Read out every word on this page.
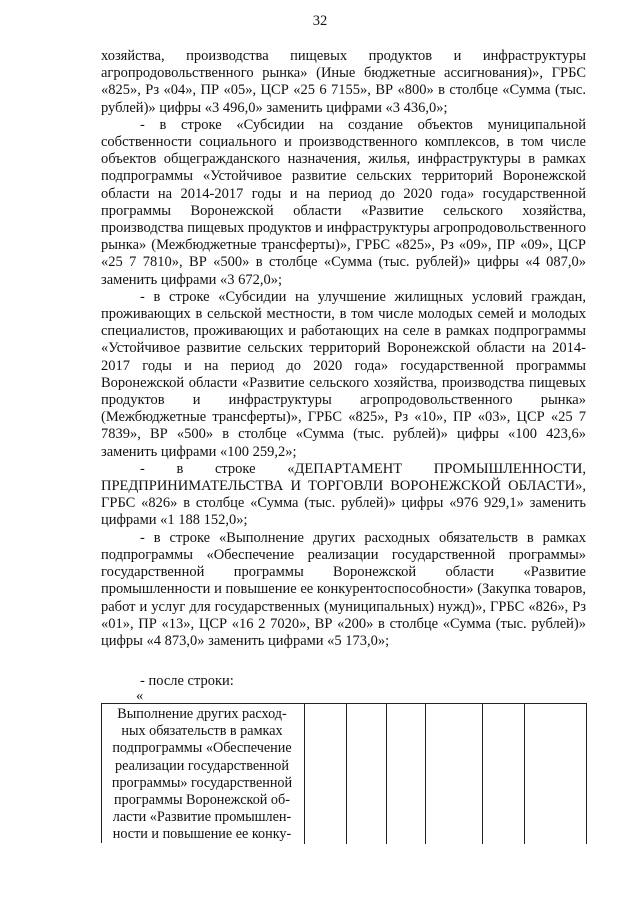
32

хозяйства, производства пищевых продуктов и инфраструктуры агропродовольственного рынка» (Иные бюджетные ассигнования)», ГРБС «825», Рз «04», ПР «05», ЦСР «25 6 7155», ВР «800» в столбце «Сумма (тыс. рублей)» цифры «3 496,0» заменить цифрами «3 436,0»;

- в строке «Субсидии на создание объектов муниципальной собственности социального и производственного комплексов, в том числе объектов общегражданского назначения, жилья, инфраструктуры в рамках подпрограммы «Устойчивое развитие сельских территорий Воронежской области на 2014-2017 годы и на период до 2020 года» государственной программы Воронежской области «Развитие сельского хозяйства, производства пищевых продуктов и инфраструктуры агропродовольственного рынка» (Межбюджетные трансферты)», ГРБС «825», Рз «09», ПР «09», ЦСР «25 7 7810», ВР «500» в столбце «Сумма (тыс. рублей)» цифры «4 087,0» заменить цифрами «3 672,0»;

- в строке «Субсидии на улучшение жилищных условий граждан, проживающих в сельской местности, в том числе молодых семей и молодых специалистов, проживающих и работающих на селе в рамках подпрограммы «Устойчивое развитие сельских территорий Воронежской области на 2014-2017 годы и на период до 2020 года» государственной программы Воронежской области «Развитие сельского хозяйства, производства пищевых продуктов и инфраструктуры агропродовольственного рынка» (Межбюджетные трансферты)», ГРБС «825», Рз «10», ПР «03», ЦСР «25 7 7839», ВР «500» в столбце «Сумма (тыс. рублей)» цифры «100 423,6» заменить цифрами «100 259,2»;

- в строке «ДЕПАРТАМЕНТ ПРОМЫШЛЕННОСТИ, ПРЕДПРИНИМАТЕЛЬСТВА И ТОРГОВЛИ ВОРОНЕЖСКОЙ ОБЛАСТИ», ГРБС «826» в столбце «Сумма (тыс. рублей)» цифры «976 929,1» заменить цифрами «1 188 152,0»;

- в строке «Выполнение других расходных обязательств в рамках подпрограммы «Обеспечение реализации государственной программы» государственной программы Воронежской области «Развитие промышленности и повышение ее конкурентоспособности» (Закупка товаров, работ и услуг для государственных (муниципальных) нужд)», ГРБС «826», Рз «01», ПР «13», ЦСР «16 2 7020», ВР «200» в столбце «Сумма (тыс. рублей)» цифры «4 873,0» заменить цифрами «5 173,0»;

- после строки:
«
Выполнение других расход-
ных обязательств в рамках
подпрограммы «Обеспечение
реализации государственной
программы» государственной
программы Воронежской об-
ласти «Развитие промышлен-
ности и повышение ее конку-
